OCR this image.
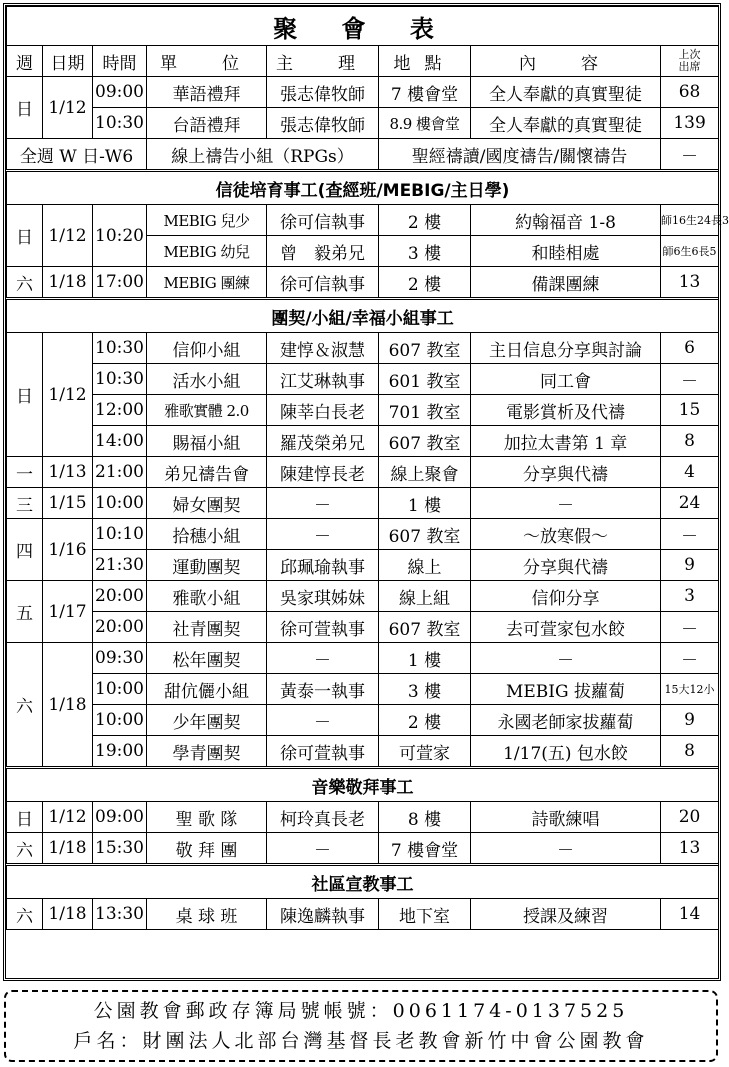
聚 會 表							
週	日期	時間	單　位	主　理	地點	內　容	上次
出席
日	1/12	09:00	華語禮拜	張志偉牧師	7 樓會堂	全人奉獻的真實聖徒	68
		10:30	台語禮拜	張志偉牧師	8.9 樓會堂	全人奉獻的真實聖徒	139
全週 W 日-W6			線上禱告小組（RPGs）		聖經禱讀/國度禱告/關懷禱告		－
信徒培育事工(查經班/MEBIG/主日學)							
日	1/12	10:20	MEBIG 兒少	徐可信執事	2 樓	約翰福音 1-8	師16生24長3
			MEBIG 幼兒	曾　毅弟兄	3 樓	和睦相處	師6生6長5
六	1/18	17:00	MEBIG 團練	徐可信執事	2 樓	備課團練	13
團契/小組/幸福小組事工							
日	1/12	10:30	信仰小組	建惇＆淑慧	607 教室	主日信息分享與討論	6
		10:30	活水小組	江艾琳執事	601 教室	同工會	－
		12:00	雅歌實體 2.0	陳莘白長老	701 教室	電影賞析及代禱	15
		14:00	賜福小組	羅茂榮弟兄	607 教室	加拉太書第 1 章	8
一	1/13	21:00	弟兄禱告會	陳建惇長老	線上聚會	分享與代禱	4
三	1/15	10:00	婦女團契	－	1 樓	－	24
四	1/16	10:10	拾穗小組	－	607 教室	～放寒假～	－
		21:30	運動團契	邱珮瑜執事	線上	分享與代禱	9
五	1/17	20:00	雅歌小組	吳家琪姊妹	線上組	信仰分享	3
		20:00	社青團契	徐可萱執事	607 教室	去可萱家包水餃	－
六	1/18	09:30	松年團契	－	1 樓	－	－
		10:00	甜伉儷小組	黃泰一執事	3 樓	MEBIG 拔蘿蔔	15大12小
		10:00	少年團契	－	2 樓	永國老師家拔蘿蔔	9
		19:00	學青團契	徐可萱執事	可萱家	1/17(五) 包水餃	8
音樂敬拜事工							
日	1/12	09:00	聖 歌 隊	柯玲真長老	8 樓	詩歌練唱	20
六	1/18	15:30	敬 拜 團	－	7 樓會堂	－	13
社區宣教事工							
六	1/18	13:30	桌 球 班	陳逸麟執事	地下室	授課及練習	14
公園教會郵政存簿局號帳號：0061174-0137525
戶名：財團法人北部台灣基督長老教會新竹中會公園教會
